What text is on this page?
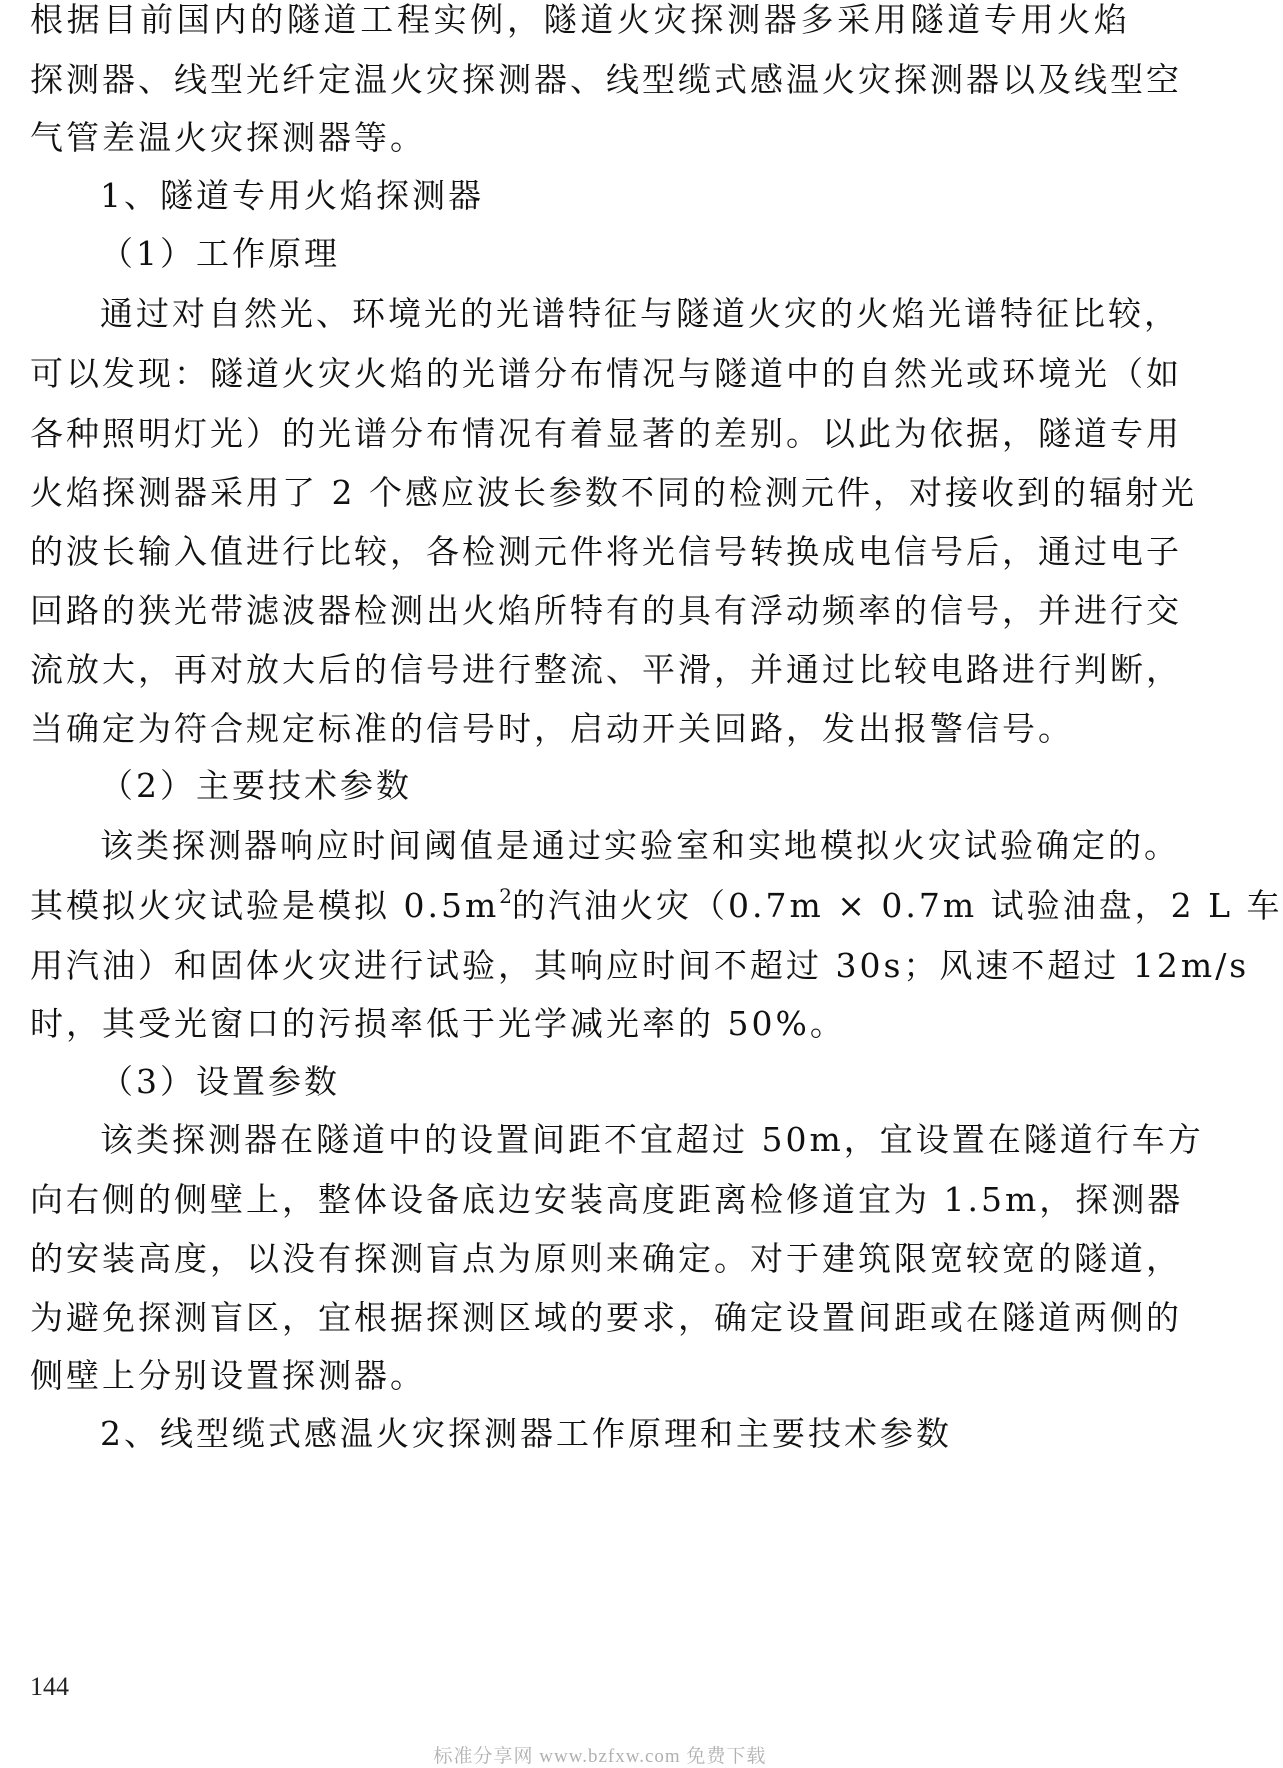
根据目前国内的隧道工程实例，隧道火灾探测器多采用隧道专用火焰
探测器、线型光纤定温火灾探测器、线型缆式感温火灾探测器以及线型空
气管差温火灾探测器等。
1、隧道专用火焰探测器
（1）工作原理
通过对自然光、环境光的光谱特征与隧道火灾的火焰光谱特征比较，
可以发现：隧道火灾火焰的光谱分布情况与隧道中的自然光或环境光（如
各种照明灯光）的光谱分布情况有着显著的差别。以此为依据，隧道专用
火焰探测器采用了 2 个感应波长参数不同的检测元件，对接收到的辐射光
的波长输入值进行比较，各检测元件将光信号转换成电信号后，通过电子
回路的狭光带滤波器检测出火焰所特有的具有浮动频率的信号，并进行交
流放大，再对放大后的信号进行整流、平滑，并通过比较电路进行判断，
当确定为符合规定标准的信号时，启动开关回路，发出报警信号。
（2）主要技术参数
该类探测器响应时间阈值是通过实验室和实地模拟火灾试验确定的。
其模拟火灾试验是模拟 $0.5m^2$的汽油火灾（0.7m × 0.7m 试验油盘，2 L 车
用汽油）和固体火灾进行试验，其响应时间不超过 30s；风速不超过 12m/s
时，其受光窗口的污损率低于光学减光率的 50%。
（3）设置参数
该类探测器在隧道中的设置间距不宜超过 50m，宜设置在隧道行车方
向右侧的侧壁上，整体设备底边安装高度距离检修道宜为 1.5m，探测器
的安装高度，以没有探测盲点为原则来确定。对于建筑限宽较宽的隧道，
为避免探测盲区，宜根据探测区域的要求，确定设置间距或在隧道两侧的
侧壁上分别设置探测器。
2、线型缆式感温火灾探测器工作原理和主要技术参数
144
标准分享网 www.bzfxw.com 免费下载
